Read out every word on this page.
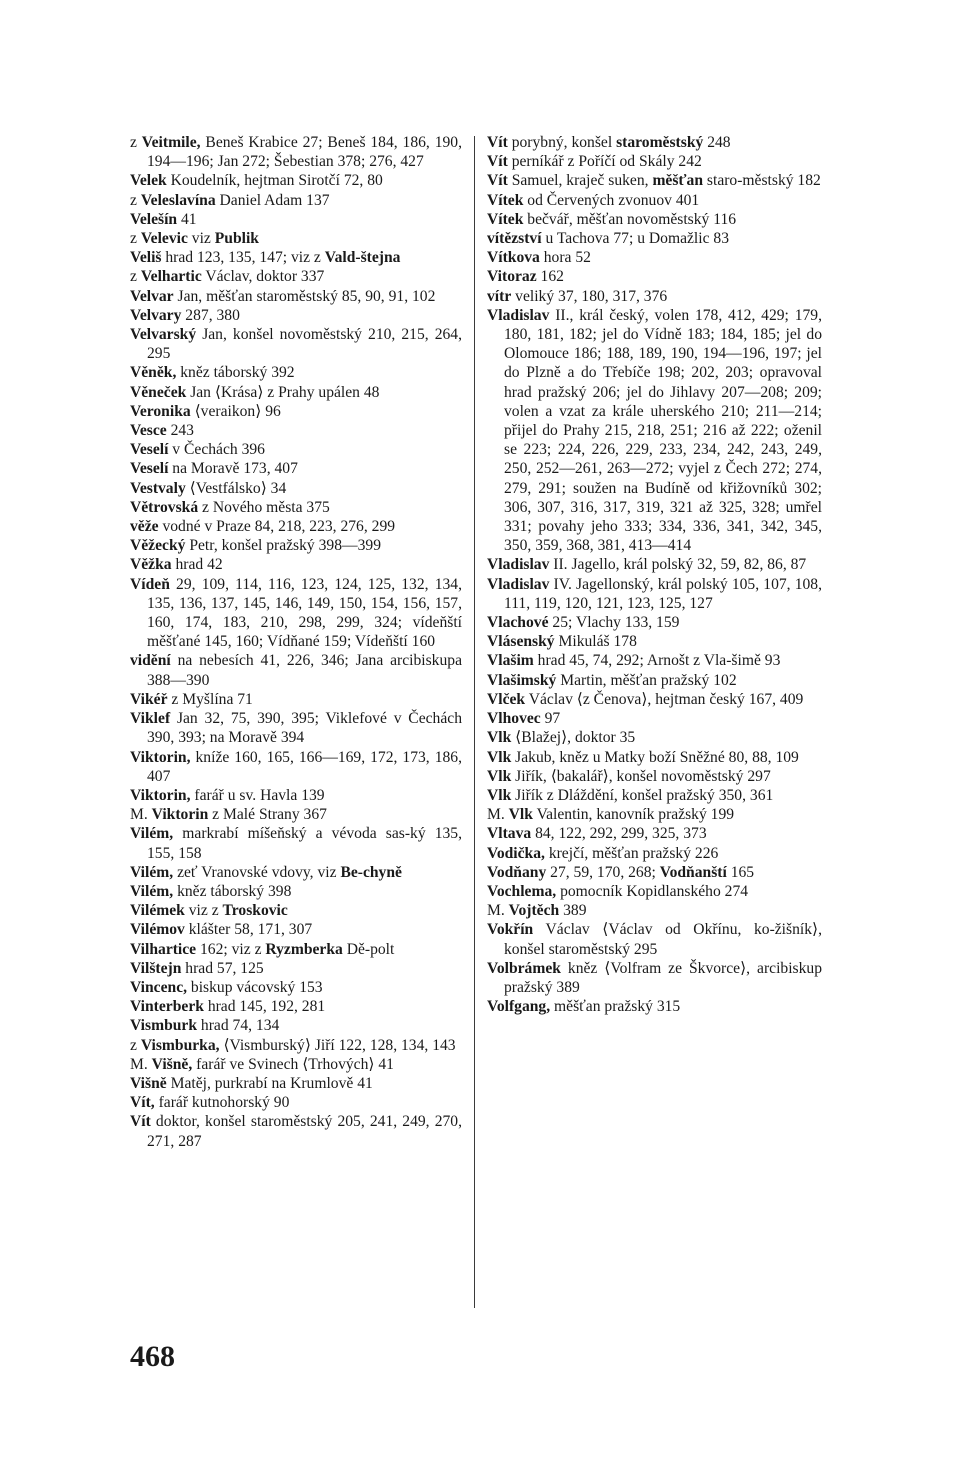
z Veitmile, Beneš Krabice 27; Beneš 184, 186, 190, 194—196; Jan 272; Šebestian 378; 276, 427
Velek Koudelník, hejtman Sirotčí 72, 80
z Veleslavína Daniel Adam 137
Velešín 41
z Velevic viz Publik
Veliš hrad 123, 135, 147; viz z Vald-štejna
z Velhartic Václav, doktor 337
Velvar Jan, měšťan staroměstský 85, 90, 91, 102
Velvary 287, 380
Velvarský Jan, konšel novoměstský 210, 215, 264, 295
Věněk, kněz táborský 392
Věneček Jan ⟨Krása⟩ z Prahy upálen 48
Veronika ⟨veraikon⟩ 96
Vesce 243
Veselí v Čechách 396
Veselí na Moravě 173, 407
Vestvaly ⟨Vestfálsko⟩ 34
Větrovská z Nového města 375
věže vodné v Praze 84, 218, 223, 276, 299
Věžecký Petr, konšel pražský 398—399
Věžka hrad 42
Vídeň 29, 109, 114, 116, 123, 124, 125, 132, 134, 135, 136, 137, 145, 146, 149, 150, 154, 156, 157, 160, 174, 183, 210, 298, 299, 324; vídeňští měšťané 145, 160; Vídňané 159; Vídeňští 160
vidění na nebesích 41, 226, 346; Jana arcibiskupa 388—390
Vikéř z Myšlína 71
Viklef Jan 32, 75, 390, 395; Viklefové v Čechách 390, 393; na Moravě 394
Viktorin, kníže 160, 165, 166—169, 172, 173, 186, 407
Viktorin, farář u sv. Havla 139
M. Viktorin z Malé Strany 367
Vilém, markrabí míšeňský a vévoda sas-ký 135, 155, 158
Vilém, zeť Vranovské vdovy, viz Be-chyně
Vilém, kněz táborský 398
Vilémek viz z Troskovic
Vilémov klášter 58, 171, 307
Vilhartice 162; viz z Ryzmberka Dě-polt
Vilštejn hrad 57, 125
Vincenc, biskup vácovský 153
Vinterberk hrad 145, 192, 281
Vismburk hrad 74, 134
z Vismburka, ⟨Vismburský⟩ Jiří 122, 128, 134, 143
M. Višně, farář ve Svinech ⟨Trhových⟩ 41
Višně Matěj, purkrabí na Krumlově 41
Vít, farář kutnohorský 90
Vít doktor, konšel staroměstský 205, 241, 249, 270, 271, 287
Vít porybný, konšel staroměstský 248
Vít perníkář z Poříčí od Skály 242
Vít Samuel, kraječ suken, měšťan staro-městský 182
Vítek od Červených zvonuov 401
Vítek bečvář, měšťan novoměstský 116
vítězství u Tachova 77; u Domažlic 83
Vítkova hora 52
Vitoraz 162
vítr veliký 37, 180, 317, 376
Vladislav II., král český, volen 178, 412, 429; 179, 180, 181, 182; jel do Vídně 183; 184, 185; jel do Olomouce 186; 188, 189, 190, 194—196, 197; jel do Plzně a do Třebíče 198; 202, 203; opravoval hrad pražský 206; jel do Jihlavy 207—208; 209; volen a vzat za krále uherského 210; 211—214; přijel do Prahy 215, 218, 251; 216 až 222; oženil se 223; 224, 226, 229, 233, 234, 242, 243, 249, 250, 252—261, 263—272; vyjel z Čech 272; 274, 279, 291; soužen na Budíně od křižovníků 302; 306, 307, 316, 317, 319, 321 až 325, 328; umřel 331; povahy jeho 333; 334, 336, 341, 342, 345, 350, 359, 368, 381, 413—414
Vladislav II. Jagello, král polský 32, 59, 82, 86, 87
Vladislav IV. Jagellonský, král polský 105, 107, 108, 111, 119, 120, 121, 123, 125, 127
Vlachové 25; Vlachy 133, 159
Vlásenský Mikuláš 178
Vlašim hrad 45, 74, 292; Arnošt z Vla-šimě 93
Vlašimský Martin, měšťan pražský 102
Vlček Václav ⟨z Čenova⟩, hejtman český 167, 409
Vlhovec 97
Vlk ⟨Blažej⟩, doktor 35
Vlk Jakub, kněz u Matky boží Sněžné 80, 88, 109
Vlk Jiřík, ⟨bakalář⟩, konšel novoměstský 297
Vlk Jiřík z Dláždění, konšel pražský 350, 361
M. Vlk Valentin, kanovník pražský 199
Vltava 84, 122, 292, 299, 325, 373
Vodička, krejčí, měšťan pražský 226
Vodňany 27, 59, 170, 268; Vodňanští 165
Vochlema, pomocník Kopidlanského 274
M. Vojtěch 389
Vokřín Václav ⟨Václav od Okřínu, ko-žišník⟩, konšel staroměstský 295
Volbrámek kněz ⟨Volfram ze Škvorce⟩, arcibiskup pražský 389
Volfgang, měšťan pražský 315
468
